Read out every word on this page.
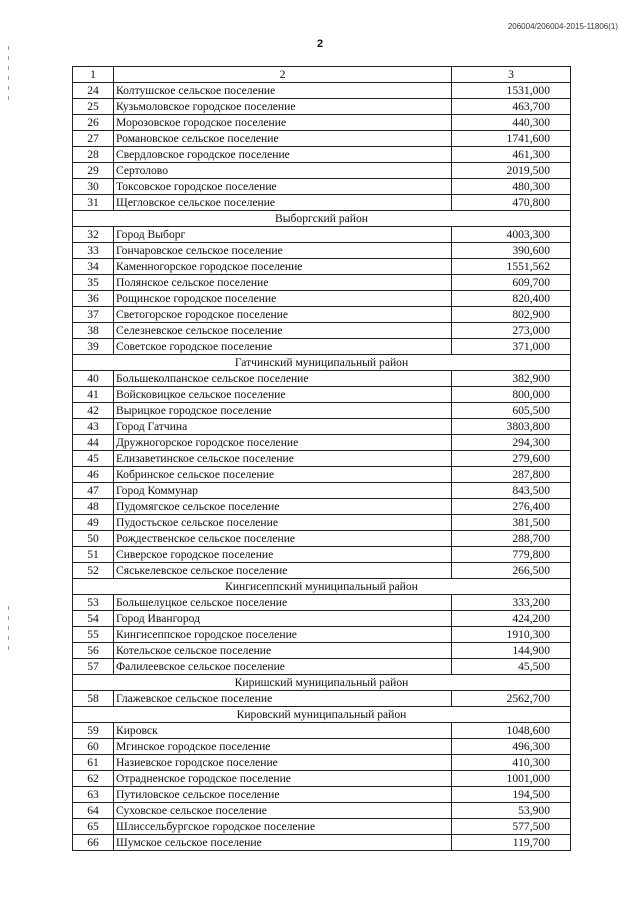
206004/206004-2015-11806(1)
2
1	2	3
24	Колтушское сельское поселение	1531,000
25	Кузьмоловское городское поселение	463,700
26	Морозовское городское поселение	440,300
27	Романовское сельское поселение	1741,600
28	Свердловское городское поселение	461,300
29	Сертолово	2019,500
30	Токсовское городское поселение	480,300
31	Щегловское сельское поселение	470,800
Выборгский район		
32	Город Выборг	4003,300
33	Гончаровское сельское поселение	390,600
34	Каменногорское городское поселение	1551,562
35	Полянское сельское поселение	609,700
36	Рощинское городское поселение	820,400
37	Светогорское городское поселение	802,900
38	Селезневское сельское поселение	273,000
39	Советское городское поселение	371,000
Гатчинский муниципальный район		
40	Большеколпанское сельское поселение	382,900
41	Войсковицкое сельское поселение	800,000
42	Вырицкое городское поселение	605,500
43	Город Гатчина	3803,800
44	Дружногорское городское поселение	294,300
45	Елизаветинское сельское поселение	279,600
46	Кобринское сельское поселение	287,800
47	Город Коммунар	843,500
48	Пудомягское сельское поселение	276,400
49	Пудостьское сельское поселение	381,500
50	Рождественское сельское поселение	288,700
51	Сиверское городское поселение	779,800
52	Сяськелевское сельское поселение	266,500
Кингисеппский муниципальный район		
53	Большелуцкое сельское поселение	333,200
54	Город Ивангород	424,200
55	Кингисеппское городское поселение	1910,300
56	Котельское сельское поселение	144,900
57	Фалилеевское сельское поселение	45,500
Киришский муниципальный район		
58	Глажевское сельское поселение	2562,700
Кировский муниципальный район		
59	Кировск	1048,600
60	Мгинское городское поселение	496,300
61	Назиевское городское поселение	410,300
62	Отрадненское городское поселение	1001,000
63	Путиловское сельское поселение	194,500
64	Суховское сельское поселение	53,900
65	Шлиссельбургское городское поселение	577,500
66	Шумское сельское поселение	119,700
